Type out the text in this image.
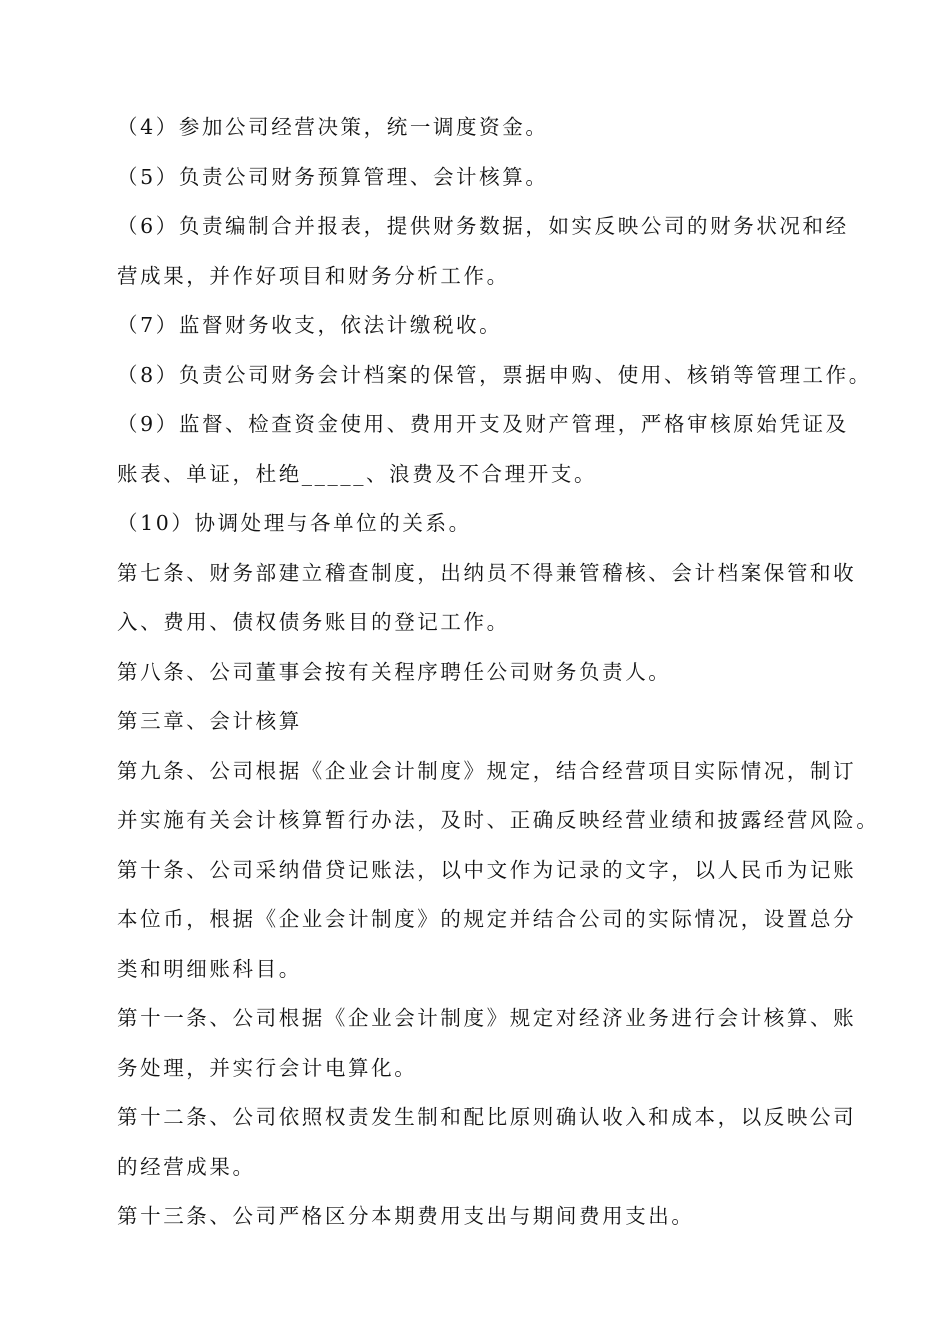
（4）参加公司经营决策，统一调度资金。

（5）负责公司财务预算管理、会计核算。

（6）负责编制合并报表，提供财务数据，如实反映公司的财务状况和经
营成果，并作好项目和财务分析工作。

（7）监督财务收支，依法计缴税收。

（8）负责公司财务会计档案的保管，票据申购、使用、核销等管理工作。

（9）监督、检查资金使用、费用开支及财产管理，严格审核原始凭证及
账表、单证，杜绝_____、浪费及不合理开支。

（10）协调处理与各单位的关系。

第七条、财务部建立稽查制度，出纳员不得兼管稽核、会计档案保管和收
入、费用、债权债务账目的登记工作。

第八条、公司董事会按有关程序聘任公司财务负责人。

第三章、会计核算

第九条、公司根据《企业会计制度》规定，结合经营项目实际情况，制订
并实施有关会计核算暂行办法，及时、正确反映经营业绩和披露经营风险。

第十条、公司采纳借贷记账法，以中文作为记录的文字，以人民币为记账
本位币，根据《企业会计制度》的规定并结合公司的实际情况，设置总分
类和明细账科目。

第十一条、公司根据《企业会计制度》规定对经济业务进行会计核算、账
务处理，并实行会计电算化。

第十二条、公司依照权责发生制和配比原则确认收入和成本，以反映公司
的经营成果。

第十三条、公司严格区分本期费用支出与期间费用支出。
